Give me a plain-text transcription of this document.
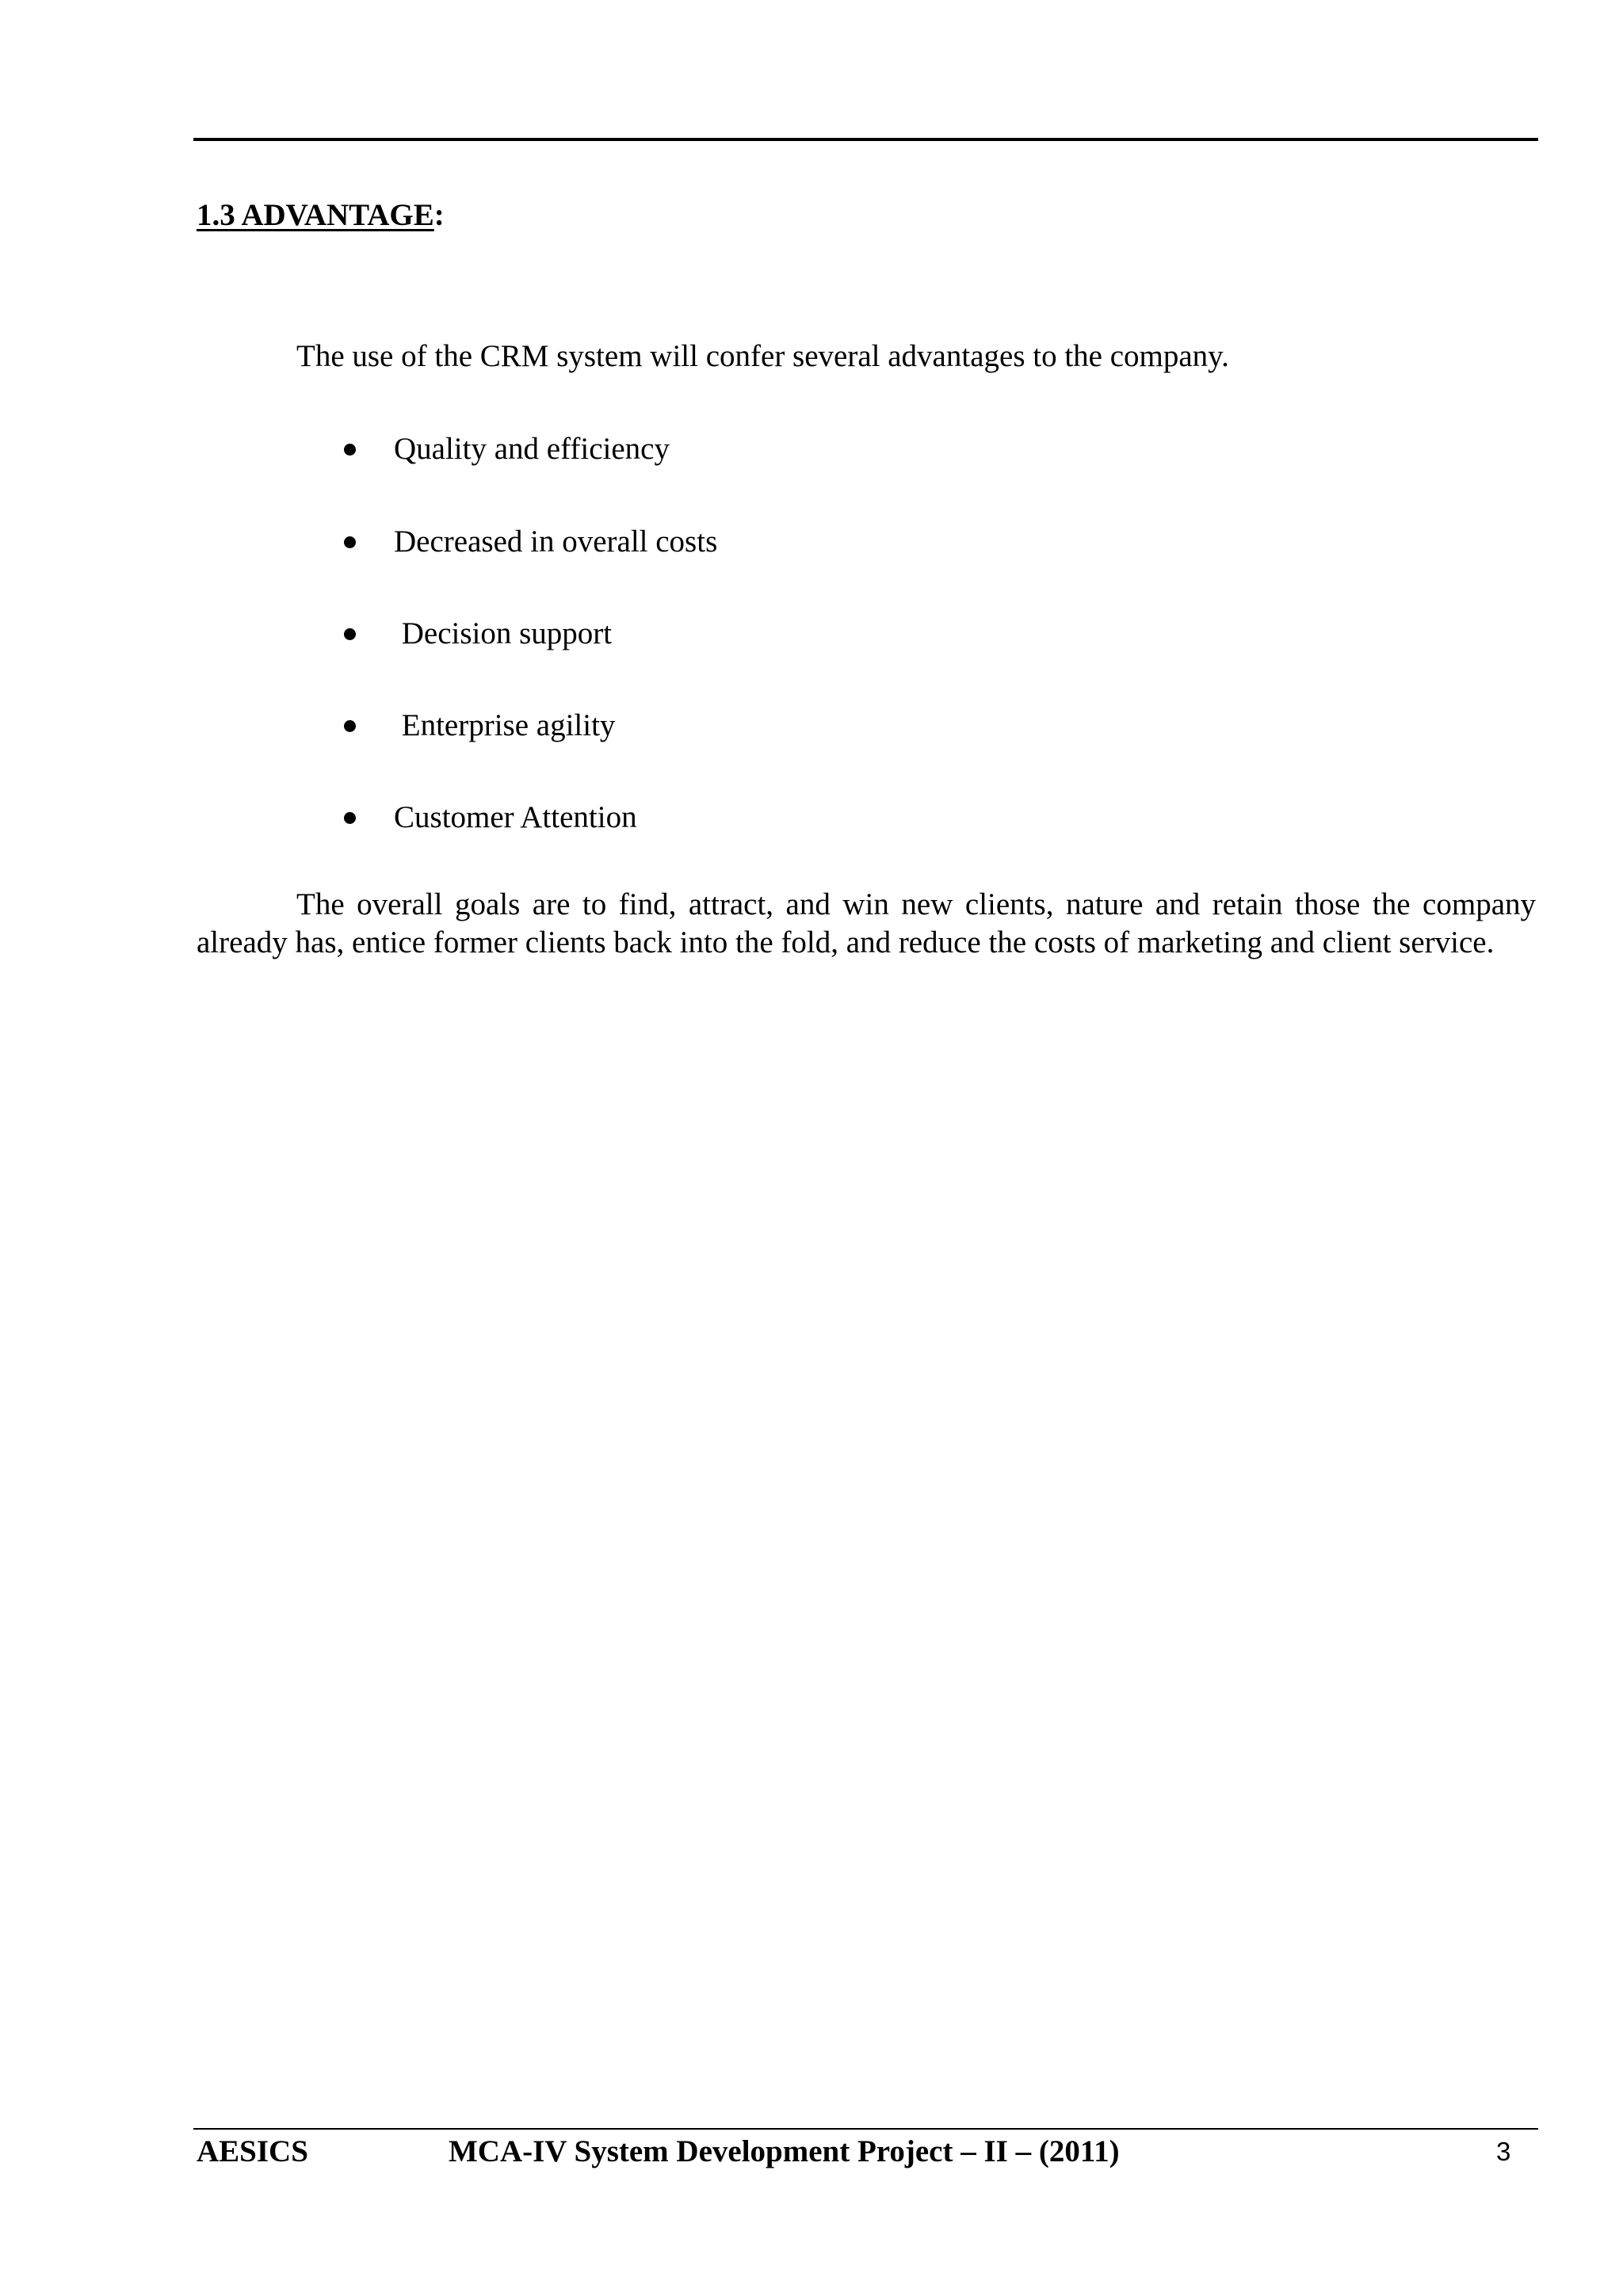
1.3 ADVANTAGE:
The use of the CRM system will confer several advantages to the company.
Quality and efficiency
Decreased in overall costs
Decision support
Enterprise agility
Customer Attention

The overall goals are to find, attract, and win new clients, nature and retain those the company already has, entice former clients back into the fold, and reduce the costs of marketing and client service.

AESICS	MCA-IV System Development Project – II – (2011)	3
